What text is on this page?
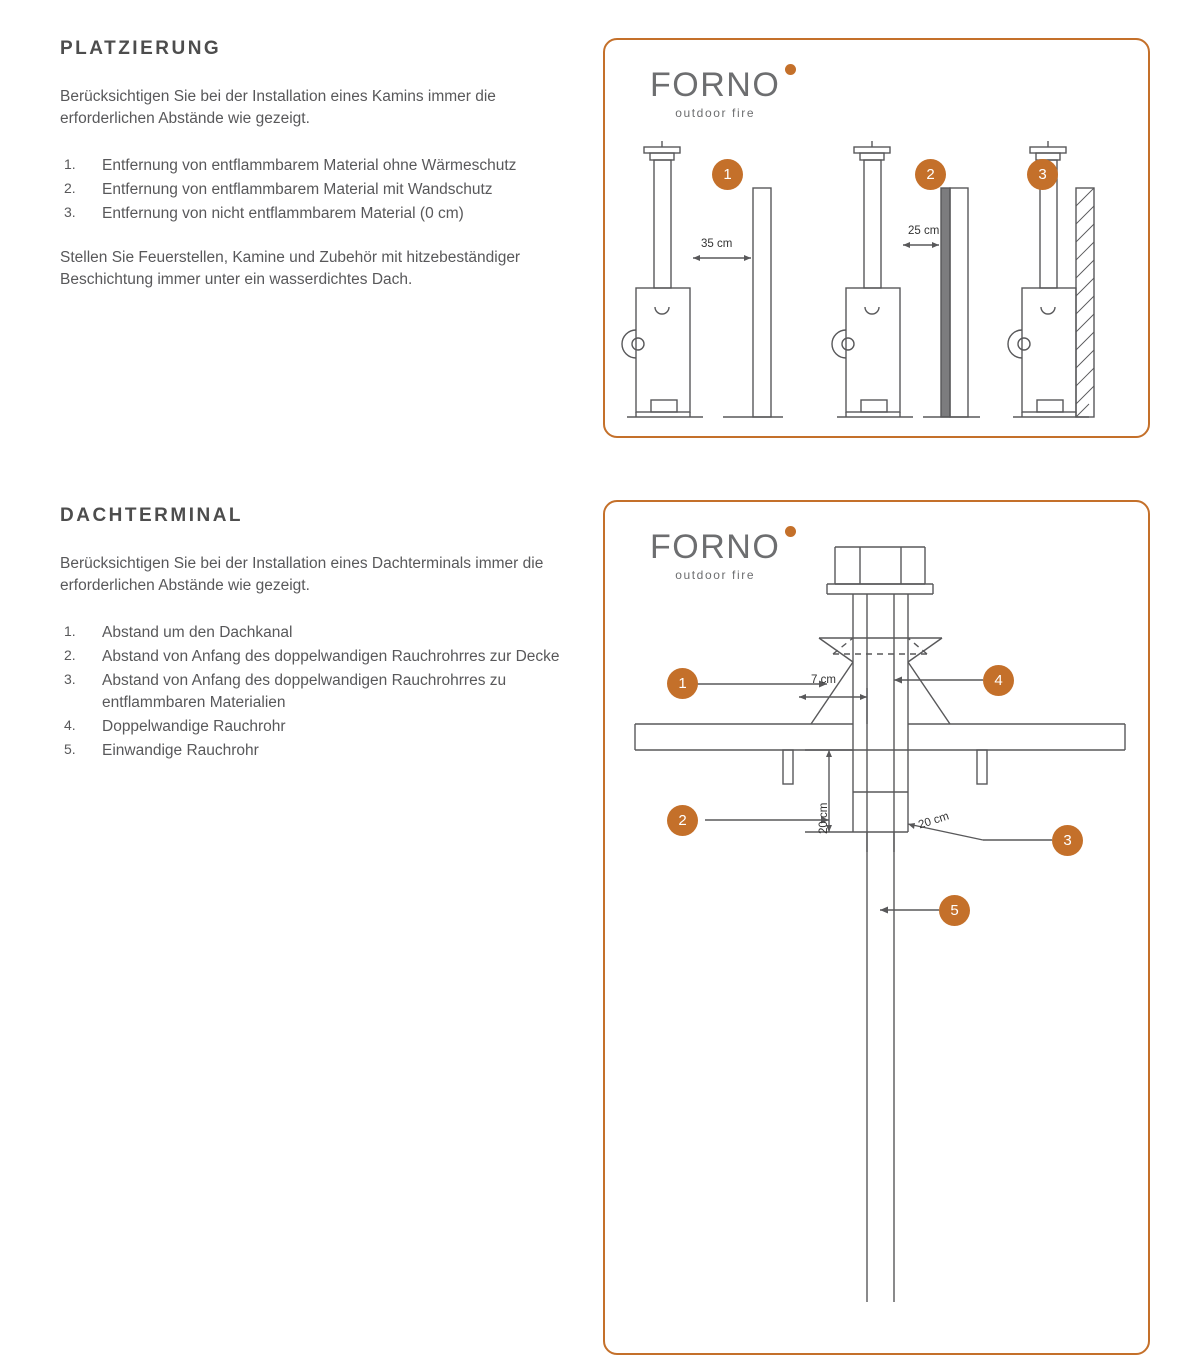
PLATZIERUNG

Berücksichtigen Sie bei der Installation eines Kamins immer die erforderlichen Abstände wie gezeigt.

1. Entfernung von entflammbarem Material ohne Wärmeschutz
2. Entfernung von entflammbarem Material mit Wandschutz
3. Entfernung von nicht entflammbarem Material (0 cm)

Stellen Sie Feuerstellen, Kamine und Zubehör mit hitzebeständiger Beschichtung immer unter ein wasserdichtes Dach.

FORNO
outdoor fire
35 cm
25 cm
1	2	3
DACHTERMINAL

Berücksichtigen Sie bei der Installation eines Dachterminals immer die erforderlichen Abstände wie gezeigt.

1. Abstand um den Dachkanal
2. Abstand von Anfang des doppelwandigen Rauchrohrres zur Decke
3. Abstand von Anfang des doppelwandigen Rauchrohrres zu entflammbaren Materialien
4. Doppelwandige Rauchrohr
5. Einwandige Rauchrohr
FORNO
outdoor fire
7 cm
20 cm	20 cm
1
2
3
4
5
